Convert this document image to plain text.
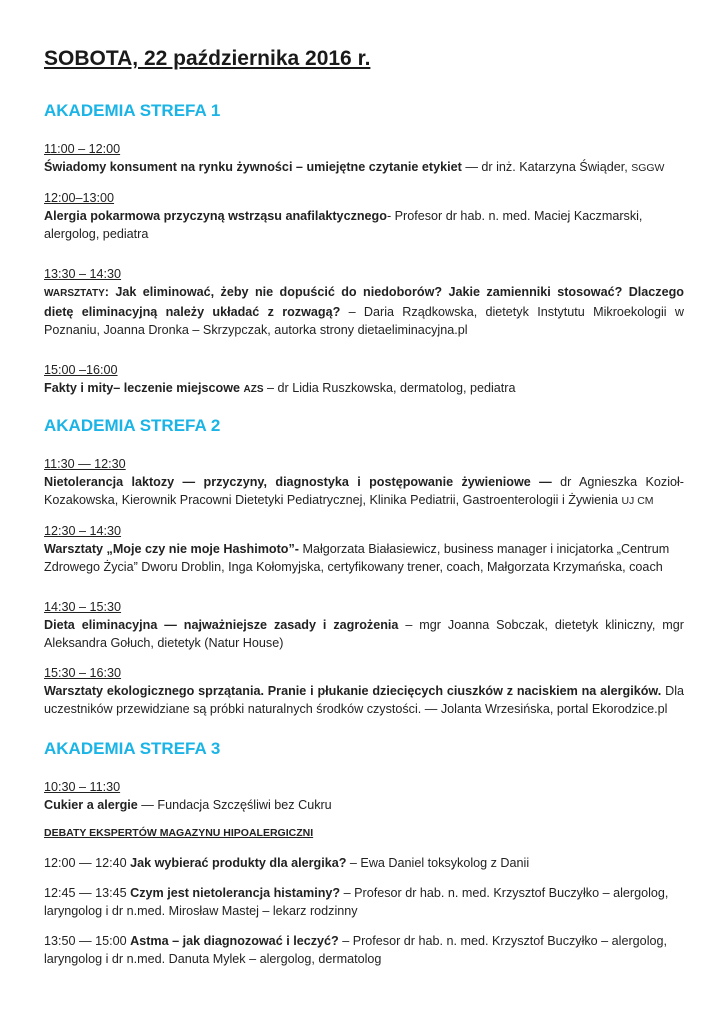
SOBOTA, 22 października 2016 r.
AKADEMIA STREFA 1
11:00 – 12:00
Świadomy konsument na rynku żywności – umiejętne czytanie etykiet — dr inż. Katarzyna Świąder, SGGW
12:00–13:00
Alergia pokarmowa przyczyną wstrząsu anafilaktycznego- Profesor dr hab. n. med. Maciej Kaczmarski, alergolog, pediatra
13:30 – 14:30
WARSZTATY: Jak eliminować, żeby nie dopuścić do niedoborów? Jakie zamienniki stosować? Dlaczego dietę eliminacyjną należy układać z rozwagą? – Daria Rządkowska, dietetyk Instytutu Mikroekologii w Poznaniu, Joanna Dronka – Skrzypczak, autorka strony dietaeliminacyjna.pl
15:00 –16:00
Fakty i mity– leczenie miejscowe AZS – dr Lidia Ruszkowska, dermatolog, pediatra
AKADEMIA STREFA 2
11:30 — 12:30
Nietolerancja laktozy — przyczyny, diagnostyka i postępowanie żywieniowe — dr Agnieszka Kozioł-Kozakowska, Kierownik Pracowni Dietetyki Pediatrycznej, Klinika Pediatrii, Gastroenterologii i Żywienia UJ CM
12:30 – 14:30
Warsztaty „Moje czy nie moje Hashimoto”- Małgorzata Białasiewicz, business manager i inicjatorka „Centrum Zdrowego Życia” Dworu Droblin, Inga Kołomyjska, certyfikowany trener, coach, Małgorzata Krzymańska, coach
14:30 – 15:30
Dieta eliminacyjna — najważniejsze zasady i zagrożenia – mgr Joanna Sobczak, dietetyk kliniczny, mgr Aleksandra Gołuch, dietetyk (Natur House)
15:30 – 16:30
Warsztaty ekologicznego sprzątania. Pranie i płukanie dziecięcych ciuszków z naciskiem na alergików. Dla uczestników przewidziane są próbki naturalnych środków czystości. — Jolanta Wrzesińska, portal Ekorodzice.pl
AKADEMIA STREFA 3
10:30 – 11:30
Cukier a alergie — Fundacja Szczęśliwi bez Cukru
DEBATY EKSPERTÓW MAGAZYNU HIPOALERGICZNI
12:00 — 12:40 Jak wybierać produkty dla alergika? – Ewa Daniel toksykolog z Danii
12:45 — 13:45 Czym jest nietolerancja histaminy? – Profesor dr hab. n. med. Krzysztof Buczyłko – alergolog, laryngolog i dr n.med. Mirosław Mastej – lekarz rodzinny
13:50 — 15:00 Astma – jak diagnozować i leczyć? – Profesor dr hab. n. med. Krzysztof Buczyłko – alergolog, laryngolog i dr n.med. Danuta Mylek – alergolog, dermatolog
